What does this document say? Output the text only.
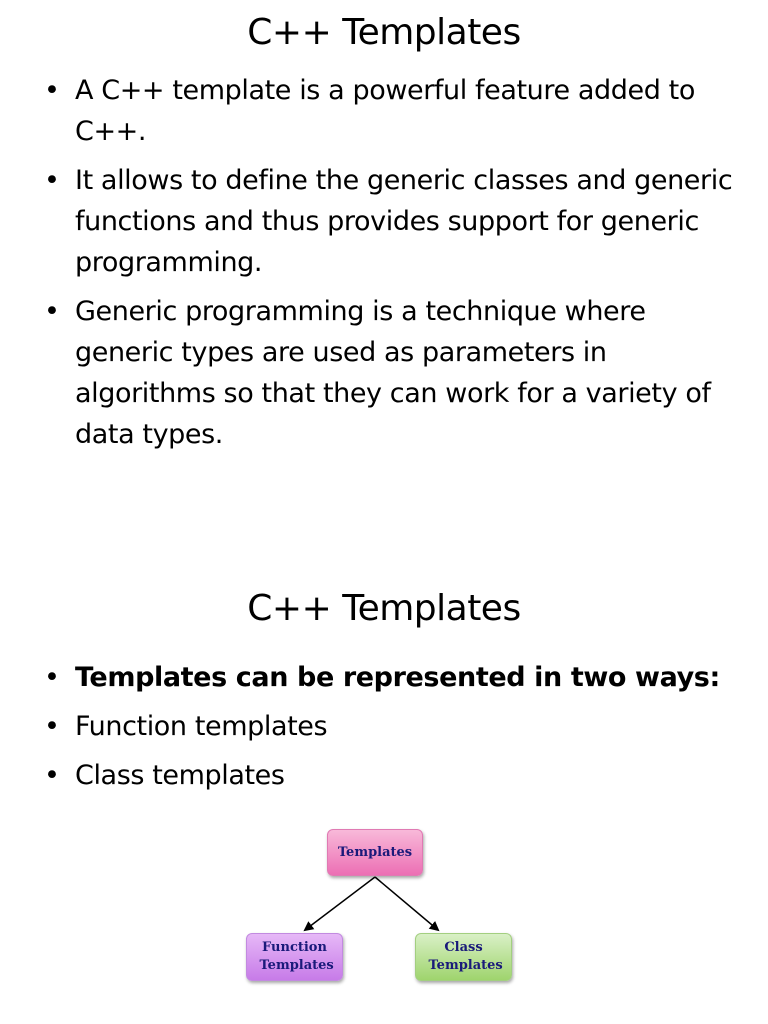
C++ Templates
• A C++ template is a powerful feature added to C++.
• It allows to define the generic classes and generic functions and thus provides support for generic programming.
• Generic programming is a technique where generic types are used as parameters in algorithms so that they can work for a variety of data types.
C++ Templates
• Templates can be represented in two ways:
• Function templates
• Class templates
Templates
Function Templates
Class Templates
